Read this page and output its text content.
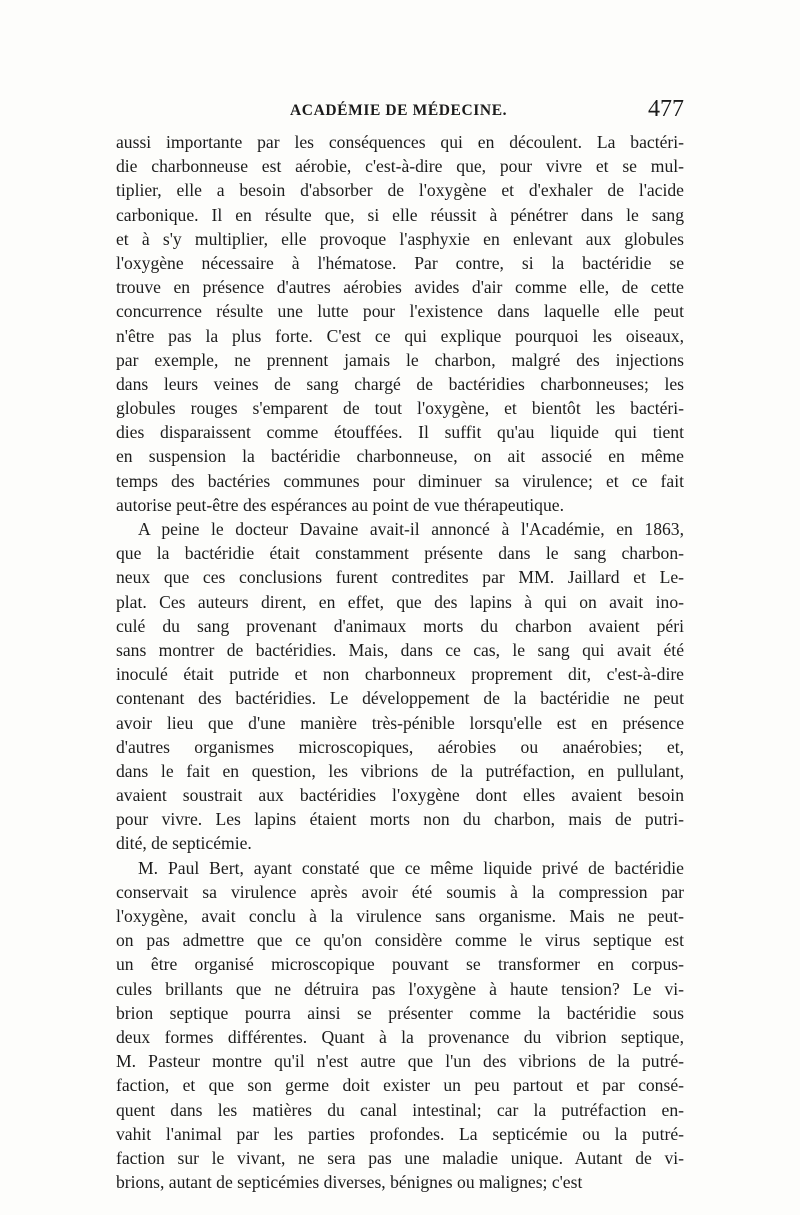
ACADÉMIE DE MÉDECINE.	477
aussi importante par les conséquences qui en découlent. La bactéri-
die charbonneuse est aérobie, c'est-à-dire que, pour vivre et se mul-
tiplier, elle a besoin d'absorber de l'oxygène et d'exhaler de l'acide
carbonique. Il en résulte que, si elle réussit à pénétrer dans le sang
et à s'y multiplier, elle provoque l'asphyxie en enlevant aux globules
l'oxygène nécessaire à l'hématose. Par contre, si la bactéridie se
trouve en présence d'autres aérobies avides d'air comme elle, de cette
concurrence résulte une lutte pour l'existence dans laquelle elle peut
n'être pas la plus forte. C'est ce qui explique pourquoi les oiseaux,
par exemple, ne prennent jamais le charbon, malgré des injections
dans leurs veines de sang chargé de bactéridies charbonneuses; les
globules rouges s'emparent de tout l'oxygène, et bientôt les bactéri-
dies disparaissent comme étouffées. Il suffit qu'au liquide qui tient
en suspension la bactéridie charbonneuse, on ait associé en même
temps des bactéries communes pour diminuer sa virulence; et ce fait
autorise peut-être des espérances au point de vue thérapeutique.
A peine le docteur Davaine avait-il annoncé à l'Académie, en 1863,
que la bactéridie était constamment présente dans le sang charbon-
neux que ces conclusions furent contredites par MM. Jaillard et Le-
plat. Ces auteurs dirent, en effet, que des lapins à qui on avait ino-
culé du sang provenant d'animaux morts du charbon avaient péri
sans montrer de bactéridies. Mais, dans ce cas, le sang qui avait été
inoculé était putride et non charbonneux proprement dit, c'est-à-dire
contenant des bactéridies. Le développement de la bactéridie ne peut
avoir lieu que d'une manière très-pénible lorsqu'elle est en présence
d'autres organismes microscopiques, aérobies ou anaérobies; et,
dans le fait en question, les vibrions de la putréfaction, en pullulant,
avaient soustrait aux bactéridies l'oxygène dont elles avaient besoin
pour vivre. Les lapins étaient morts non du charbon, mais de putri-
dité, de septicémie.
M. Paul Bert, ayant constaté que ce même liquide privé de bactéridie
conservait sa virulence après avoir été soumis à la compression par
l'oxygène, avait conclu à la virulence sans organisme. Mais ne peut-
on pas admettre que ce qu'on considère comme le virus septique est
un être organisé microscopique pouvant se transformer en corpus-
cules brillants que ne détruira pas l'oxygène à haute tension? Le vi-
brion septique pourra ainsi se présenter comme la bactéridie sous
deux formes différentes. Quant à la provenance du vibrion septique,
M. Pasteur montre qu'il n'est autre que l'un des vibrions de la putré-
faction, et que son germe doit exister un peu partout et par consé-
quent dans les matières du canal intestinal; car la putréfaction en-
vahit l'animal par les parties profondes. La septicémie ou la putré-
faction sur le vivant, ne sera pas une maladie unique. Autant de vi-
brions, autant de septicémies diverses, bénignes ou malignes; c'est
